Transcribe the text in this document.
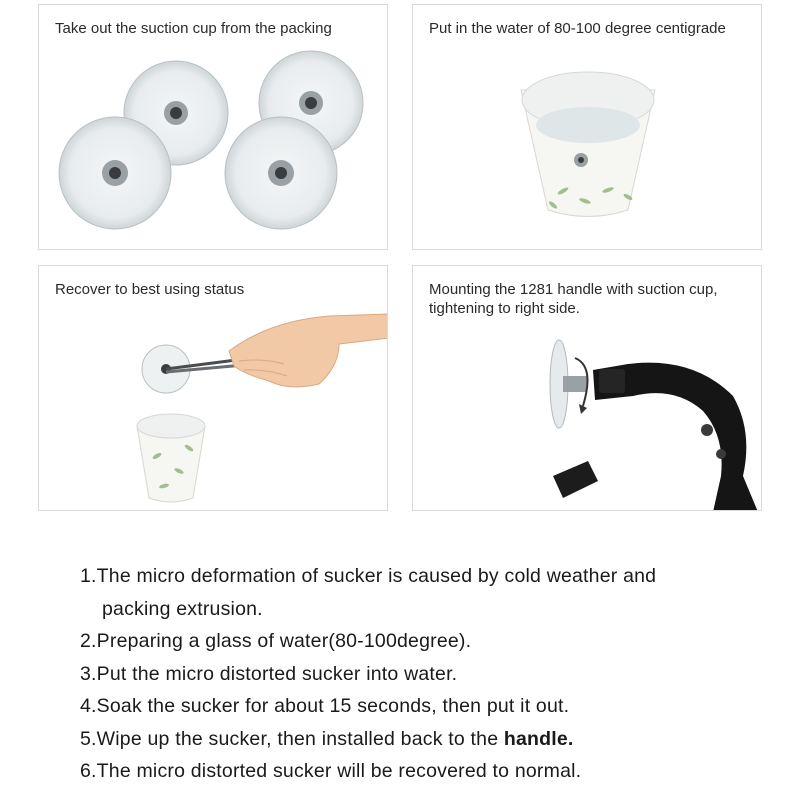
Take out the suction cup from the packing	Put in the water of 80-100 degree centigrade
Recover to best using status	Mounting the 1281 handle with suction cup, tightening to right side.
1.The micro deformation of sucker is caused by cold weather and
packing extrusion.
2.Preparing a glass of water(80-100degree).
3.Put the micro distorted sucker into water.
4.Soak the sucker for about 15 seconds, then put it out.
5.Wipe up the sucker, then installed back to the handle.
6.The micro distorted sucker will be recovered to normal.
